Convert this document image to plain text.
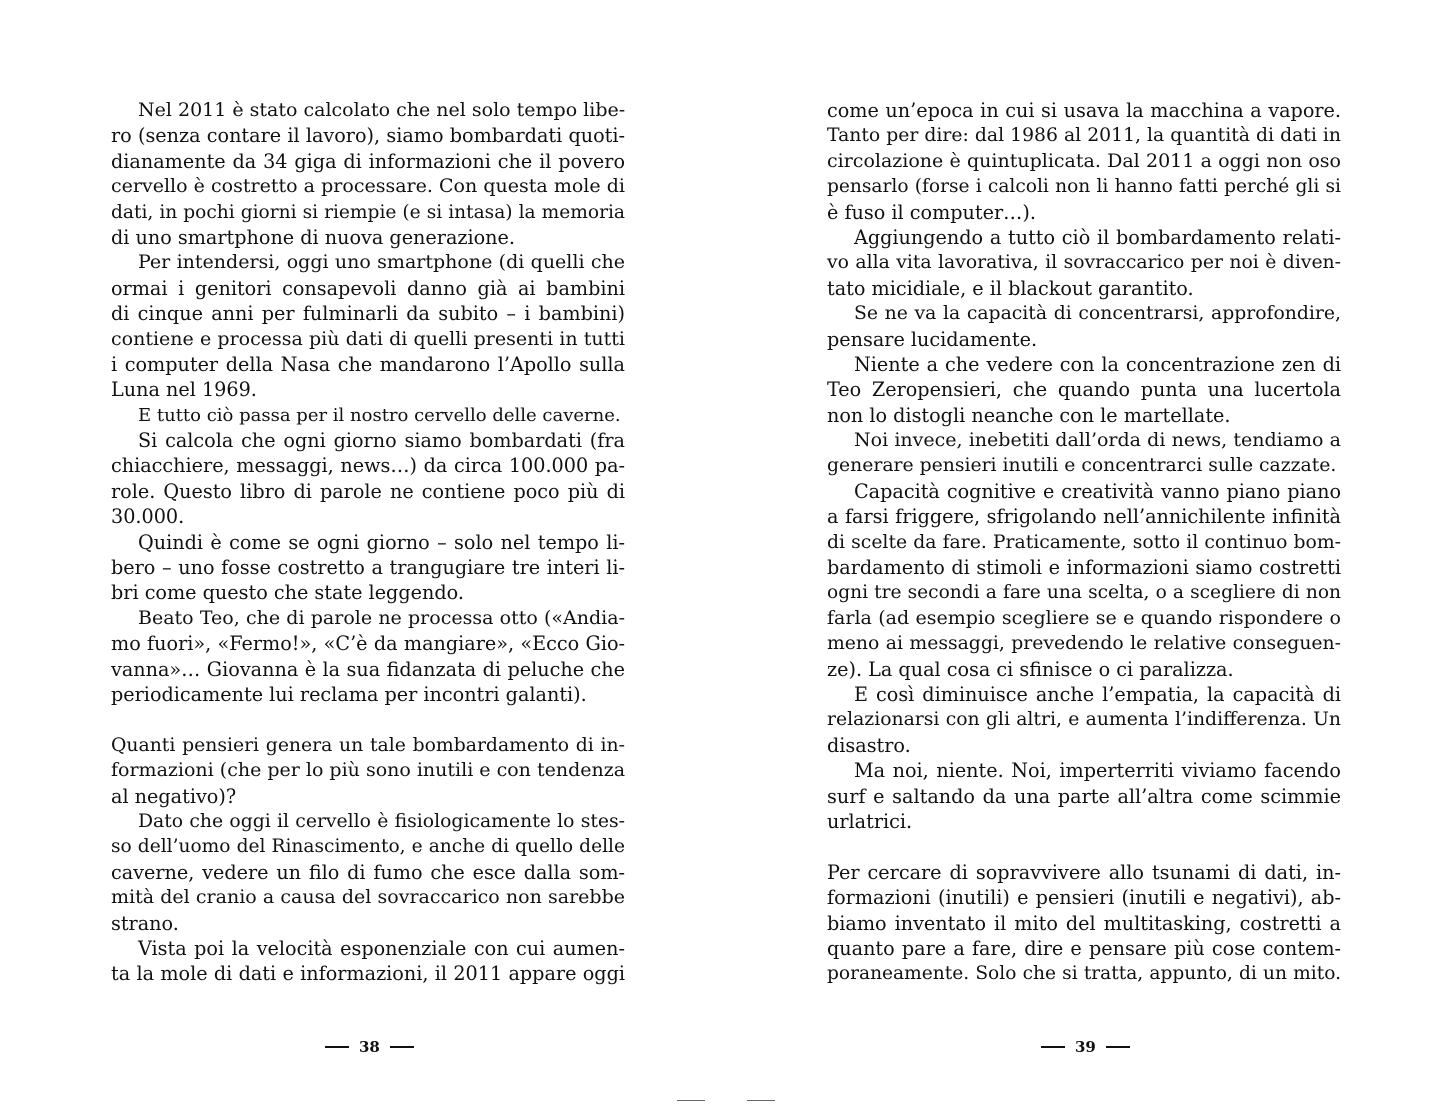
Nel 2011 è stato calcolato che nel solo tempo libe-
ro (senza contare il lavoro), siamo bombardati quoti-
dianamente da 34 giga di informazioni che il povero
cervello è costretto a processare. Con questa mole di
dati, in pochi giorni si riempie (e si intasa) la memoria
di uno smartphone di nuova generazione.
Per intendersi, oggi uno smartphone (di quelli che
ormai i genitori consapevoli danno già ai bambini
di cinque anni per fulminarli da subito – i bambini)
contiene e processa più dati di quelli presenti in tutti
i computer della Nasa che mandarono l’Apollo sulla
Luna nel 1969.
E tutto ciò passa per il nostro cervello delle caverne.
Si calcola che ogni giorno siamo bombardati (fra
chiacchiere, messaggi, news…) da circa 100.000 pa-
role. Questo libro di parole ne contiene poco più di
30.000.
Quindi è come se ogni giorno – solo nel tempo li-
bero – uno fosse costretto a trangugiare tre interi li-
bri come questo che state leggendo.
Beato Teo, che di parole ne processa otto («Andia-
mo fuori», «Fermo!», «C’è da mangiare», «Ecco Gio-
vanna»… Giovanna è la sua fidanzata di peluche che
periodicamente lui reclama per incontri galanti).
Quanti pensieri genera un tale bombardamento di in-
formazioni (che per lo più sono inutili e con tendenza
al negativo)?
Dato che oggi il cervello è fisiologicamente lo stes-
so dell’uomo del Rinascimento, e anche di quello delle
caverne, vedere un filo di fumo che esce dalla som-
mità del cranio a causa del sovraccarico non sarebbe
strano.
Vista poi la velocità esponenziale con cui aumen-
ta la mole di dati e informazioni, il 2011 appare oggi
come un’epoca in cui si usava la macchina a vapore.
Tanto per dire: dal 1986 al 2011, la quantità di dati in
circolazione è quintuplicata. Dal 2011 a oggi non oso
pensarlo (forse i calcoli non li hanno fatti perché gli si
è fuso il computer…).
Aggiungendo a tutto ciò il bombardamento relati-
vo alla vita lavorativa, il sovraccarico per noi è diven-
tato micidiale, e il blackout garantito.
Se ne va la capacità di concentrarsi, approfondire,
pensare lucidamente.
Niente a che vedere con la concentrazione zen di
Teo Zeropensieri, che quando punta una lucertola
non lo distogli neanche con le martellate.
Noi invece, inebetiti dall’orda di news, tendiamo a
generare pensieri inutili e concentrarci sulle cazzate.
Capacità cognitive e creatività vanno piano piano
a farsi friggere, sfrigolando nell’annichilente infinità
di scelte da fare. Praticamente, sotto il continuo bom-
bardamento di stimoli e informazioni siamo costretti
ogni tre secondi a fare una scelta, o a scegliere di non
farla (ad esempio scegliere se e quando rispondere o
meno ai messaggi, prevedendo le relative conseguen-
ze). La qual cosa ci sfinisce o ci paralizza.
E così diminuisce anche l’empatia, la capacità di
relazionarsi con gli altri, e aumenta l’indifferenza. Un
disastro.
Ma noi, niente. Noi, imperterriti viviamo facendo
surf e saltando da una parte all’altra come scimmie
urlatrici.
Per cercare di sopravvivere allo tsunami di dati, in-
formazioni (inutili) e pensieri (inutili e negativi), ab-
biamo inventato il mito del multitasking, costretti a
quanto pare a fare, dire e pensare più cose contem-
poraneamente. Solo che si tratta, appunto, di un mito.
38	39
